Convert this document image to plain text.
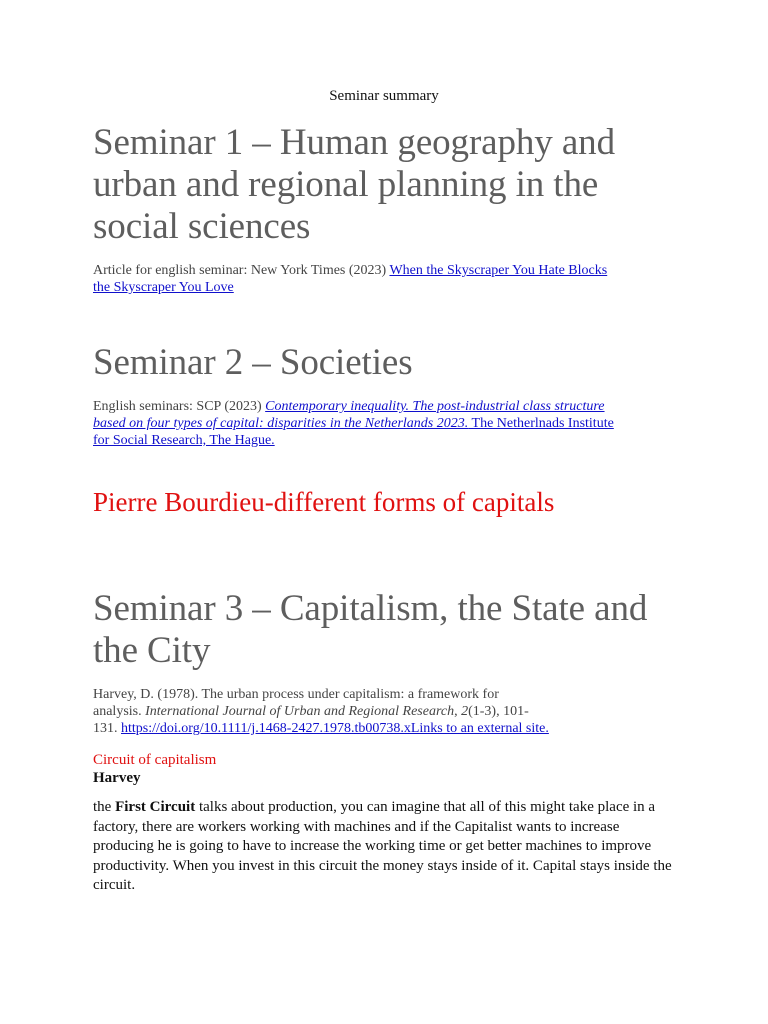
Seminar summary
Seminar 1 – Human geography and urban and regional planning in the social sciences
Article for english seminar: New York Times (2023) When the Skyscraper You Hate Blocks
the Skyscraper You Love
Seminar 2 – Societies
English seminars: SCP (2023) Contemporary inequality. The post-industrial class structure
based on four types of capital: disparities in the Netherlands 2023. The Netherlnads Institute
for Social Research, The Hague.
Pierre Bourdieu-different forms of capitals
Seminar 3 – Capitalism, the State and the City
Harvey, D. (1978). The urban process under capitalism: a framework for
analysis. International Journal of Urban and Regional Research, 2(1-3), 101-
131. https://doi.org/10.1111/j.1468-2427.1978.tb00738.xLinks to an external site.
Circuit of capitalism
Harvey
the First Circuit talks about production, you can imagine that all of this might take place in a factory, there are workers working with machines and if the Capitalist wants to increase producing he is going to have to increase the working time or get better machines to improve productivity. When you invest in this circuit the money stays inside of it. Capital stays inside the circuit.
